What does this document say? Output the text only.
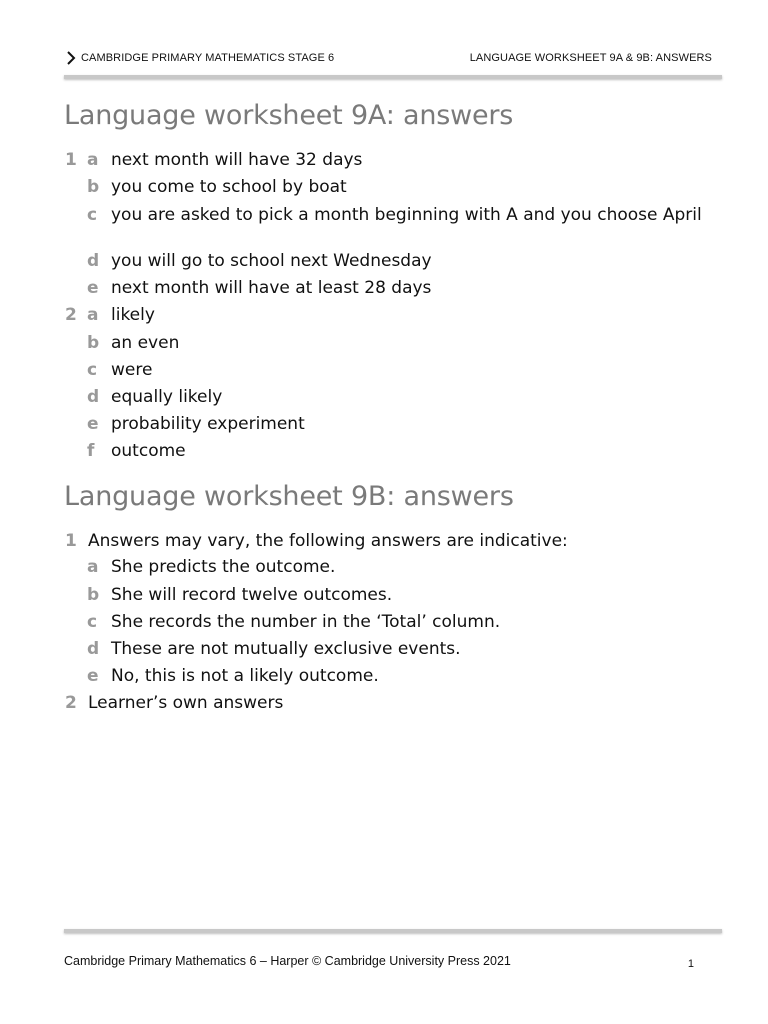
CAMBRIDGE PRIMARY MATHEMATICS STAGE 6	LANGUAGE WORKSHEET 9A & 9B: ANSWERS
Language worksheet 9A: answers
1 a next month will have 32 days
b you come to school by boat
c you are asked to pick a month beginning with A and you choose April
d you will go to school next Wednesday
e next month will have at least 28 days
2 a likely
b an even
c were
d equally likely
e probability experiment
f outcome
Language worksheet 9B: answers
1 Answers may vary, the following answers are indicative:
a She predicts the outcome.
b She will record twelve outcomes.
c She records the number in the ‘Total’ column.
d These are not mutually exclusive events.
e No, this is not a likely outcome.
2 Learner’s own answers
Cambridge Primary Mathematics 6 – Harper © Cambridge University Press 2021	1
